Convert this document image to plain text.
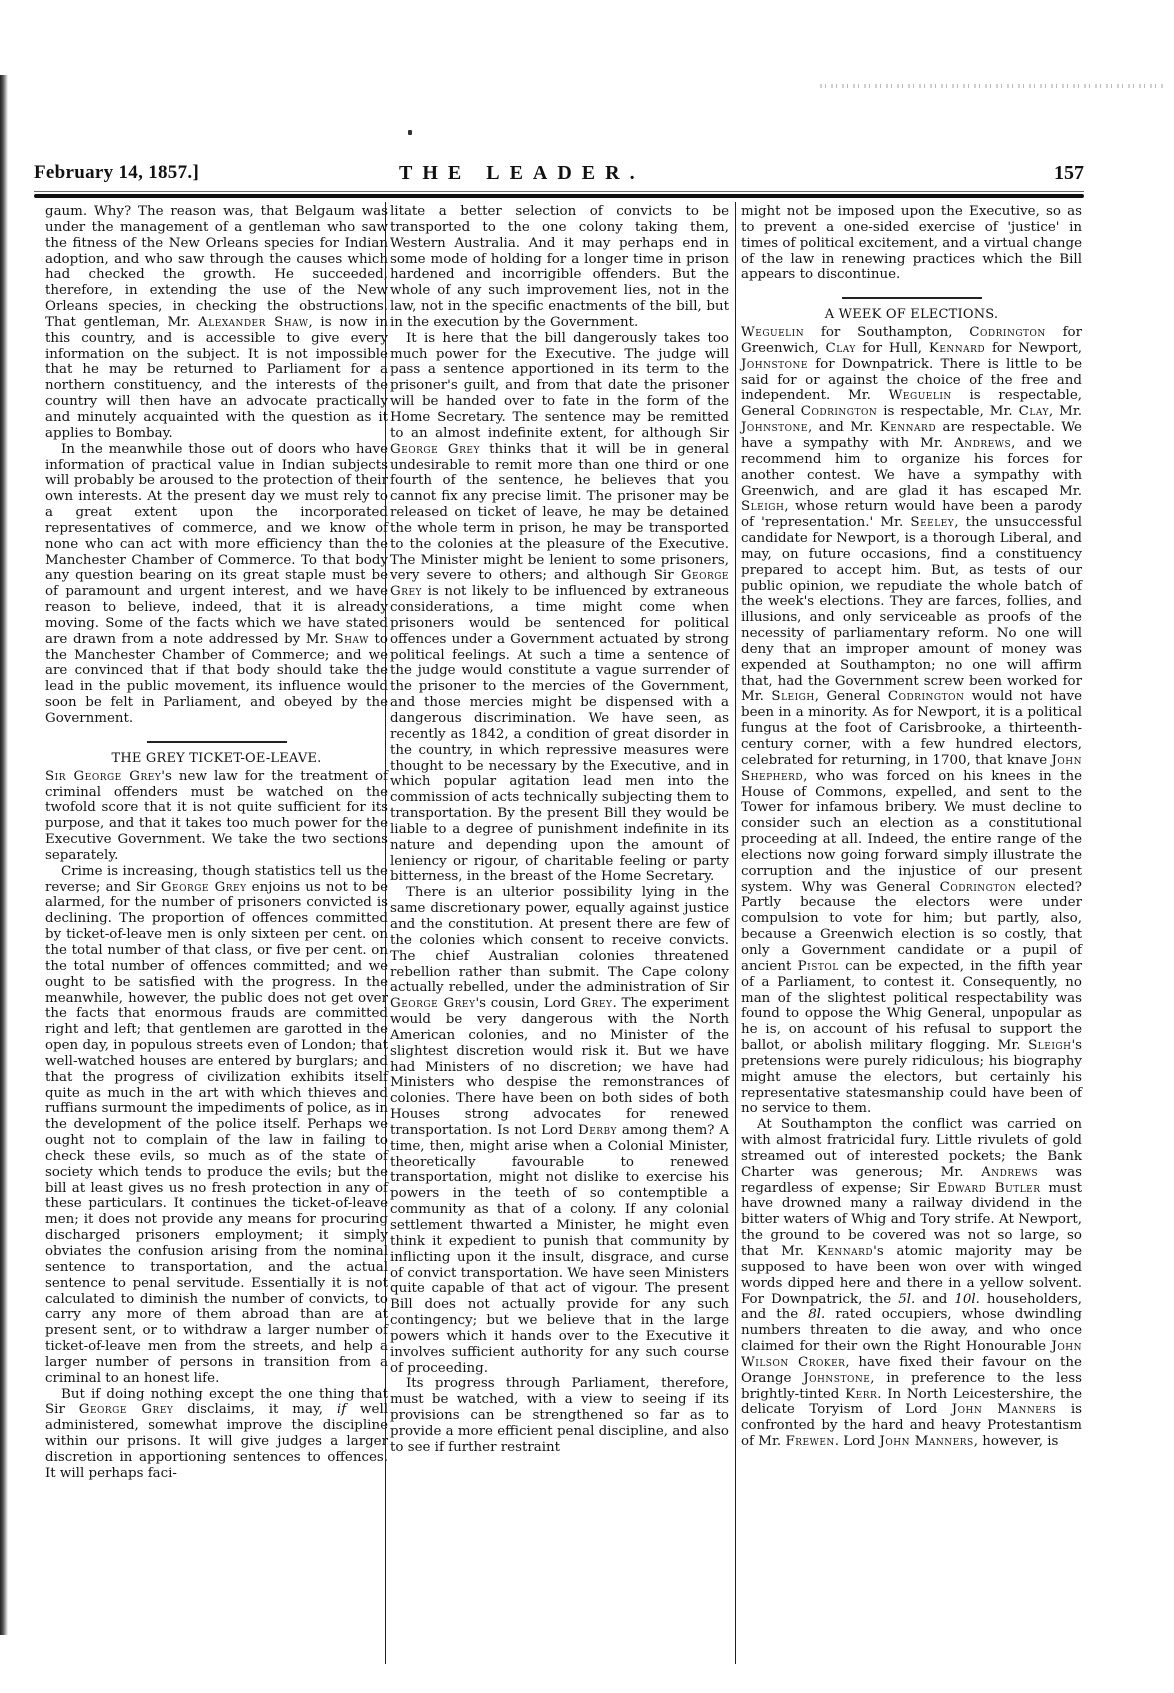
February 14, 1857.]	THE LEADER.	157

gaum. Why? The reason was, that Belgaum was under the management of a gentleman who saw the fitness of the New Orleans species for Indian adoption, and who saw through the causes which had checked the growth. He succeeded, therefore, in extending the use of the New Orleans species, in checking the obstructions. That gentleman, Mr. Alexander Shaw, is now in this country, and is accessible to give every information on the subject. It is not impossible that he may be returned to Parliament for a northern constituency, and the interests of the country will then have an advocate practically and minutely acquainted with the question as it applies to Bombay.

In the meanwhile those out of doors who have information of practical value in Indian subjects will probably be aroused to the protection of their own interests. At the present day we must rely to a great extent upon the incorporated representatives of commerce, and we know of none who can act with more efficiency than the Manchester Chamber of Commerce. To that body any question bearing on its great staple must be of paramount and urgent interest, and we have reason to believe, indeed, that it is already moving. Some of the facts which we have stated are drawn from a note addressed by Mr. Shaw to the Manchester Chamber of Commerce; and we are convinced that if that body should take the lead in the public movement, its influence would soon be felt in Parliament, and obeyed by the Government.

THE GREY TICKET-OE-LEAVE.

Sir George Grey's new law for the treatment of criminal offenders must be watched on the twofold score that it is not quite sufficient for its purpose, and that it takes too much power for the Executive Government. We take the two sections separately.

Crime is increasing, though statistics tell us the reverse; and Sir George Grey enjoins us not to be alarmed, for the number of prisoners convicted is declining. The proportion of offences committed by ticket-of-leave men is only sixteen per cent. on the total number of that class, or five per cent. on the total number of offences committed; and we ought to be satisfied with the progress. In the meanwhile, however, the public does not get over the facts that enormous frauds are committed right and left; that gentlemen are garotted in the open day, in populous streets even of London; that well-watched houses are entered by burglars; and that the progress of civilization exhibits itself quite as much in the art with which thieves and ruffians surmount the impediments of police, as in the development of the police itself. Perhaps we ought not to complain of the law in failing to check these evils, so much as of the state of society which tends to produce the evils; but the bill at least gives us no fresh protection in any of these particulars. It continues the ticket-of-leave men; it does not provide any means for procuring discharged prisoners employment; it simply obviates the confusion arising from the nominal sentence to transportation, and the actual sentence to penal servitude. Essentially it is not calculated to diminish the number of convicts, to carry any more of them abroad than are at present sent, or to withdraw a larger number of ticket-of-leave men from the streets, and help a larger number of persons in transition from a criminal to an honest life.

But if doing nothing except the one thing that Sir George Grey disclaims, it may, if well administered, somewhat improve the discipline within our prisons. It will give judges a larger discretion in apportioning sentences to offences. It will perhaps faci-

litate a better selection of convicts to be transported to the one colony taking them, Western Australia. And it may perhaps end in some mode of holding for a longer time in prison hardened and incorrigible offenders. But the whole of any such improvement lies, not in the law, not in the specific enactments of the bill, but in the execution by the Government.

It is here that the bill dangerously takes too much power for the Executive. The judge will pass a sentence apportioned in its term to the prisoner's guilt, and from that date the prisoner will be handed over to fate in the form of the Home Secretary. The sentence may be remitted to an almost indefinite extent, for although Sir George Grey thinks that it will be in general undesirable to remit more than one third or one fourth of the sentence, he believes that you cannot fix any precise limit. The prisoner may be released on ticket of leave, he may be detained the whole term in prison, he may be transported to the colonies at the pleasure of the Executive. The Minister might be lenient to some prisoners, very severe to others; and although Sir George Grey is not likely to be influenced by extraneous considerations, a time might come when prisoners would be sentenced for political offences under a Government actuated by strong political feelings. At such a time a sentence of the judge would constitute a vague surrender of the prisoner to the mercies of the Government, and those mercies might be dispensed with a dangerous discrimination. We have seen, as recently as 1842, a condition of great disorder in the country, in which repressive measures were thought to be necessary by the Executive, and in which popular agitation lead men into the commission of acts technically subjecting them to transportation. By the present Bill they would be liable to a degree of punishment indefinite in its nature and depending upon the amount of leniency or rigour, of charitable feeling or party bitterness, in the breast of the Home Secretary.

There is an ulterior possibility lying in the same discretionary power, equally against justice and the constitution. At present there are few of the colonies which consent to receive convicts. The chief Australian colonies threatened rebellion rather than submit. The Cape colony actually rebelled, under the administration of Sir George Grey's cousin, Lord Grey. The experiment would be very dangerous with the North American colonies, and no Minister of the slightest discretion would risk it. But we have had Ministers of no discretion; we have had Ministers who despise the remonstrances of colonies. There have been on both sides of both Houses strong advocates for renewed transportation. Is not Lord Derby among them? A time, then, might arise when a Colonial Minister, theoretically favourable to renewed transportation, might not dislike to exercise his powers in the teeth of so contemptible a community as that of a colony. If any colonial settlement thwarted a Minister, he might even think it expedient to punish that community by inflicting upon it the insult, disgrace, and curse of convict transportation. We have seen Ministers quite capable of that act of vigour. The present Bill does not actually provide for any such contingency; but we believe that in the large powers which it hands over to the Executive it involves sufficient authority for any such course of proceeding.

Its progress through Parliament, therefore, must be watched, with a view to seeing if its provisions can be strengthened so far as to provide a more efficient penal discipline, and also to see if further restraint

might not be imposed upon the Executive, so as to prevent a one-sided exercise of 'justice' in times of political excitement, and a virtual change of the law in renewing practices which the Bill appears to discontinue.

A WEEK OF ELECTIONS.

Weguelin for Southampton, Codrington for Greenwich, Clay for Hull, Kennard for Newport, Johnstone for Downpatrick. There is little to be said for or against the choice of the free and independent. Mr. Weguelin is respectable, General Codrington is respectable, Mr. Clay, Mr. Johnstone, and Mr. Kennard are respectable. We have a sympathy with Mr. Andrews, and we recommend him to organize his forces for another contest. We have a sympathy with Greenwich, and are glad it has escaped Mr. Sleigh, whose return would have been a parody of 'representation.' Mr. Seeley, the unsuccessful candidate for Newport, is a thorough Liberal, and may, on future occasions, find a constituency prepared to accept him. But, as tests of our public opinion, we repudiate the whole batch of the week's elections. They are farces, follies, and illusions, and only serviceable as proofs of the necessity of parliamentary reform. No one will deny that an improper amount of money was expended at Southampton; no one will affirm that, had the Government screw been worked for Mr. Sleigh, General Codrington would not have been in a minority. As for Newport, it is a political fungus at the foot of Carisbrooke, a thirteenth-century corner, with a few hundred electors, celebrated for returning, in 1700, that knave John Shepherd, who was forced on his knees in the House of Commons, expelled, and sent to the Tower for infamous bribery. We must decline to consider such an election as a constitutional proceeding at all. Indeed, the entire range of the elections now going forward simply illustrate the corruption and the injustice of our present system. Why was General Codrington elected? Partly because the electors were under compulsion to vote for him; but partly, also, because a Greenwich election is so costly, that only a Government candidate or a pupil of ancient Pistol can be expected, in the fifth year of a Parliament, to contest it. Consequently, no man of the slightest political respectability was found to oppose the Whig General, unpopular as he is, on account of his refusal to support the ballot, or abolish military flogging. Mr. Sleigh's pretensions were purely ridiculous; his biography might amuse the electors, but certainly his representative statesmanship could have been of no service to them.

At Southampton the conflict was carried on with almost fratricidal fury. Little rivulets of gold streamed out of interested pockets; the Bank Charter was generous; Mr. Andrews was regardless of expense; Sir Edward Butler must have drowned many a railway dividend in the bitter waters of Whig and Tory strife. At Newport, the ground to be covered was not so large, so that Mr. Kennard's atomic majority may be supposed to have been won over with winged words dipped here and there in a yellow solvent. For Downpatrick, the 5l. and 10l. householders, and the 8l. rated occupiers, whose dwindling numbers threaten to die away, and who once claimed for their own the Right Honourable John Wilson Croker, have fixed their favour on the Orange Johnstone, in preference to the less brightly-tinted Kerr. In North Leicestershire, the delicate Toryism of Lord John Manners is confronted by the hard and heavy Protestantism of Mr. Frewen. Lord John Manners, however, is
